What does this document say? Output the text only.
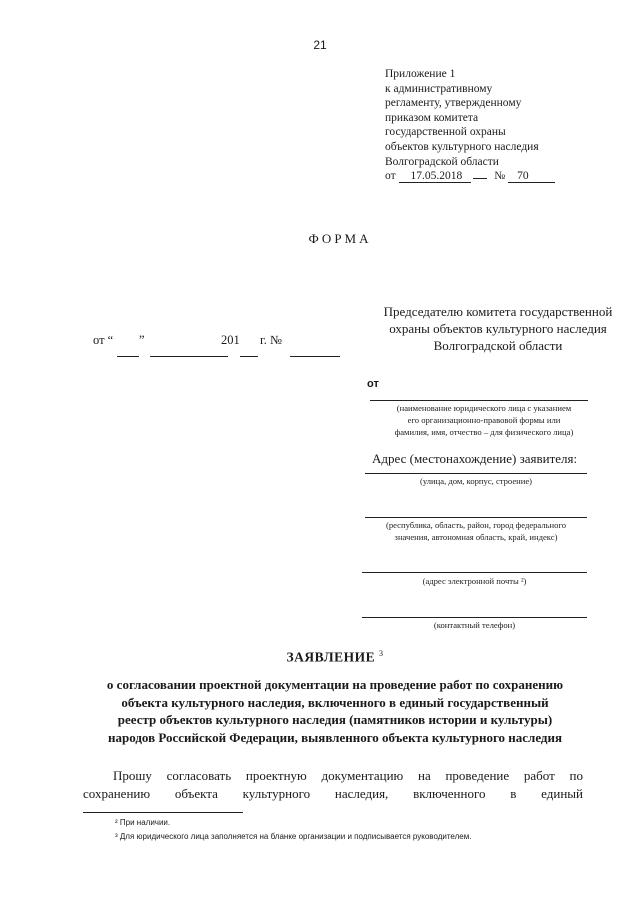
21
Приложение 1
к административному
регламенту, утвержденному
приказом комитета
государственной охраны
объектов культурного наследия
Волгоградской области
от 17.05.2018	№ 70
ФОРМА
Председателю комитета государственной
охраны объектов культурного наследия
Волгоградской области
от “ ”	201 г. №
от
(наименование юридического лица с указанием
его организационно-правовой формы или
фамилия, имя, отчество – для физического лица)
Адрес (местонахождение) заявителя:
(улица, дом, корпус, строение)
(республика, область, район, город федерального
значения, автономная область, край, индекс)
(адрес электронной почты ²)
(контактный телефон)
ЗАЯВЛЕНИЕ $^3$
о согласовании проектной документации на проведение работ по сохранению
объекта культурного наследия, включенного в единый государственный
реестр объектов культурного наследия (памятников истории и культуры)
народов Российской Федерации, выявленного объекта культурного наследия
Прошу согласовать проектную документацию на проведение работ по
сохранению объекта культурного наследия, включенного в единый
² При наличии.
³ Для юридического лица заполняется на бланке организации и подписывается руководителем.
